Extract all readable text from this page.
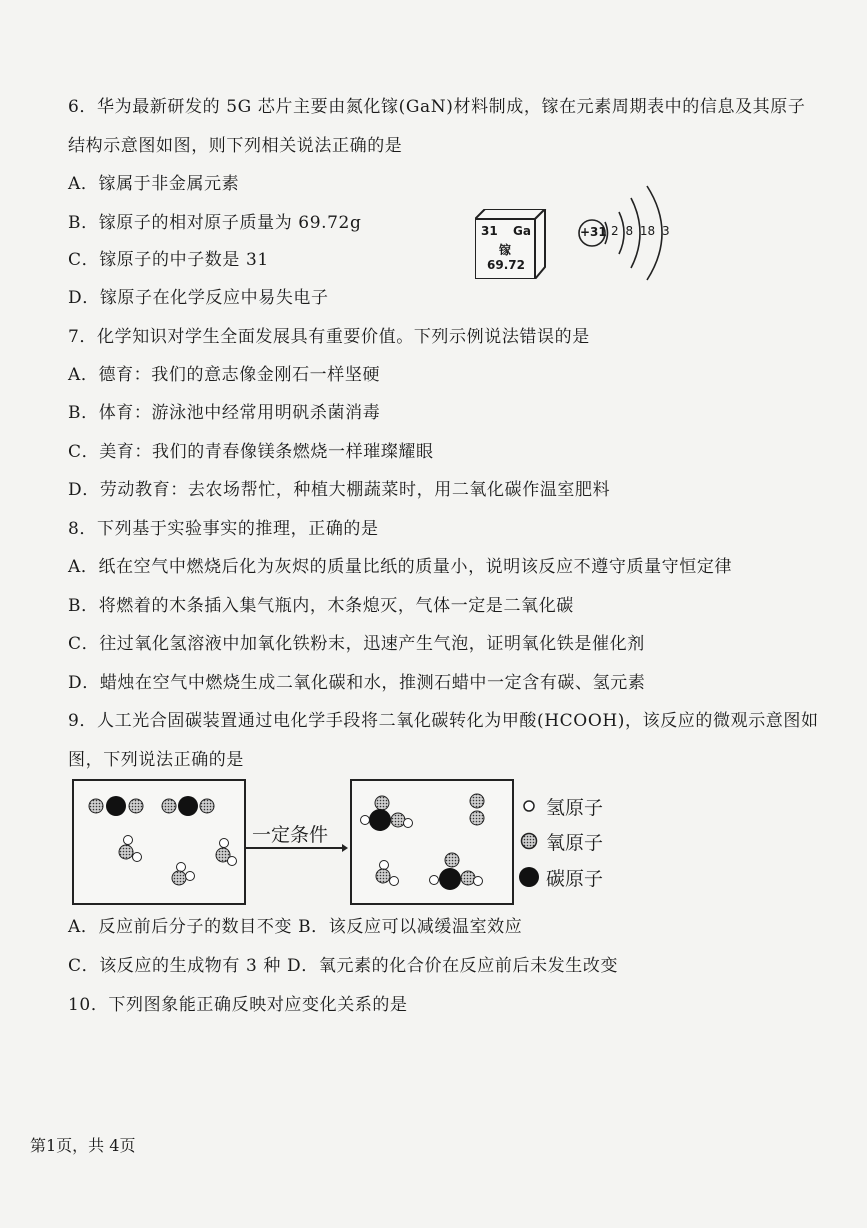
6．华为最新研发的 5G 芯片主要由氮化镓(GaN)材料制成，镓在元素周期表中的信息及其原子
结构示意图如图，则下列相关说法正确的是
A．镓属于非金属元素
B．镓原子的相对原子质量为 69.72g
C．镓原子的中子数是 31
D．镓原子在化学反应中易失电子
31 Ga
镓
69.72
+31 2 8 18 3
7．化学知识对学生全面发展具有重要价值。下列示例说法错误的是
A．德育：我们的意志像金刚石一样坚硬
B．体育：游泳池中经常用明矾杀菌消毒
C．美育：我们的青春像镁条燃烧一样璀璨耀眼
D．劳动教育：去农场帮忙，种植大棚蔬菜时，用二氧化碳作温室肥料
8．下列基于实验事实的推理，正确的是
A．纸在空气中燃烧后化为灰烬的质量比纸的质量小，说明该反应不遵守质量守恒定律
B．将燃着的木条插入集气瓶内，木条熄灭，气体一定是二氧化碳
C．往过氧化氢溶液中加氧化铁粉末，迅速产生气泡，证明氧化铁是催化剂
D．蜡烛在空气中燃烧生成二氧化碳和水，推测石蜡中一定含有碳、氢元素
9．人工光合固碳装置通过电化学手段将二氧化碳转化为甲酸(HCOOH)，该反应的微观示意图如
图，下列说法正确的是
一定条件
氢原子
氧原子
碳原子
A．反应前后分子的数目不变 B．该反应可以减缓温室效应
C．该反应的生成物有 3 种 D．氧元素的化合价在反应前后未发生改变
10．下列图象能正确反映对应变化关系的是
第1页，共 4页
